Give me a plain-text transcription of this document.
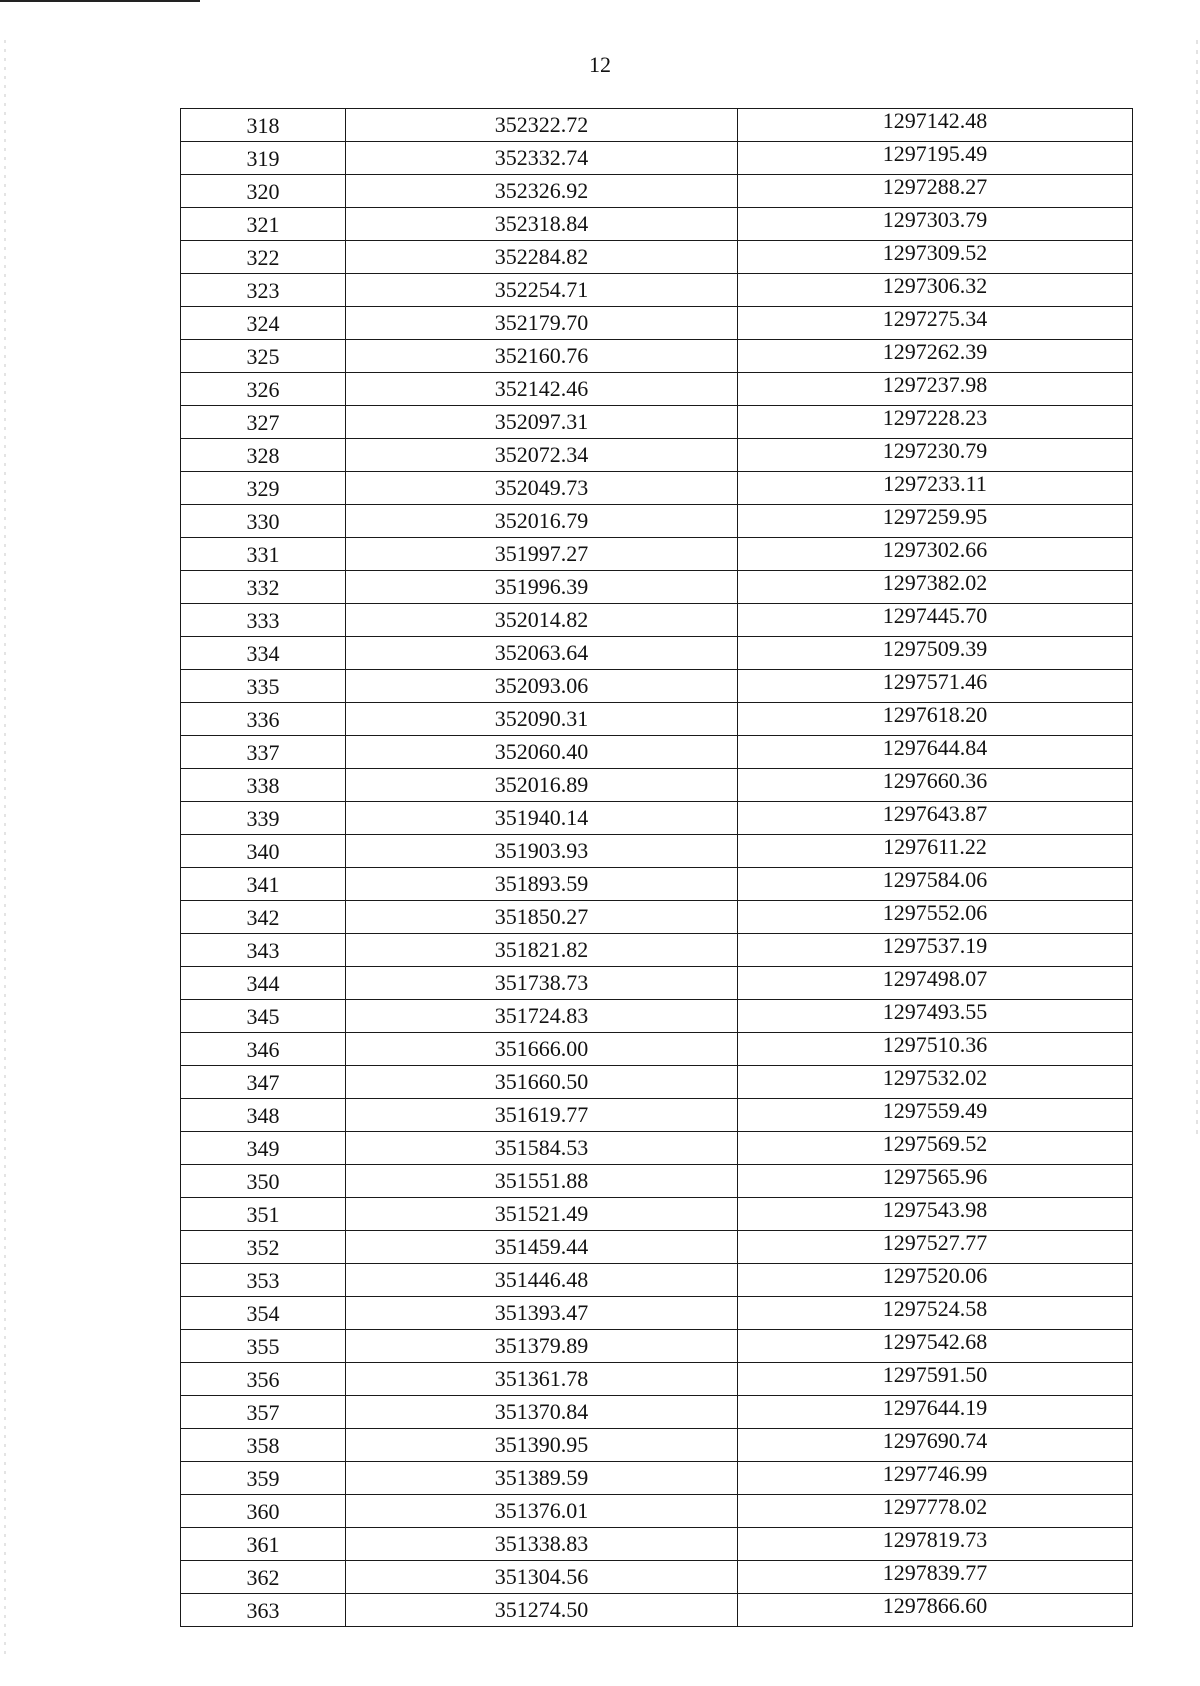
12
318	352322.72	1297142.48
319	352332.74	1297195.49
320	352326.92	1297288.27
321	352318.84	1297303.79
322	352284.82	1297309.52
323	352254.71	1297306.32
324	352179.70	1297275.34
325	352160.76	1297262.39
326	352142.46	1297237.98
327	352097.31	1297228.23
328	352072.34	1297230.79
329	352049.73	1297233.11
330	352016.79	1297259.95
331	351997.27	1297302.66
332	351996.39	1297382.02
333	352014.82	1297445.70
334	352063.64	1297509.39
335	352093.06	1297571.46
336	352090.31	1297618.20
337	352060.40	1297644.84
338	352016.89	1297660.36
339	351940.14	1297643.87
340	351903.93	1297611.22
341	351893.59	1297584.06
342	351850.27	1297552.06
343	351821.82	1297537.19
344	351738.73	1297498.07
345	351724.83	1297493.55
346	351666.00	1297510.36
347	351660.50	1297532.02
348	351619.77	1297559.49
349	351584.53	1297569.52
350	351551.88	1297565.96
351	351521.49	1297543.98
352	351459.44	1297527.77
353	351446.48	1297520.06
354	351393.47	1297524.58
355	351379.89	1297542.68
356	351361.78	1297591.50
357	351370.84	1297644.19
358	351390.95	1297690.74
359	351389.59	1297746.99
360	351376.01	1297778.02
361	351338.83	1297819.73
362	351304.56	1297839.77
363	351274.50	1297866.60
